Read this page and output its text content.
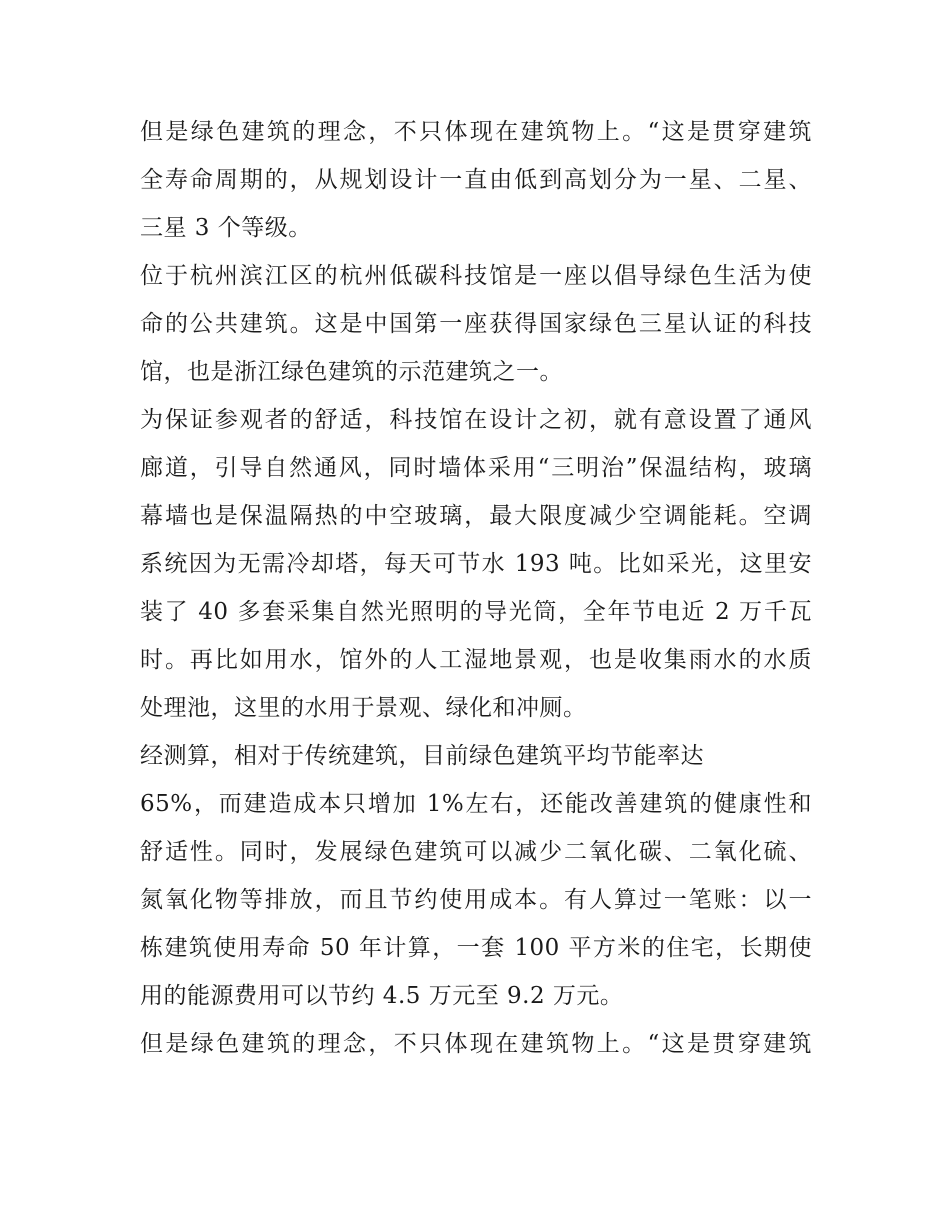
但是绿色建筑的理念，不只体现在建筑物上。“这是贯穿建筑
全寿命周期的，从规划设计一直由低到高划分为一星、二星、
三星 3 个等级。
位于杭州滨江区的杭州低碳科技馆是一座以倡导绿色生活为使
命的公共建筑。这是中国第一座获得国家绿色三星认证的科技
馆，也是浙江绿色建筑的示范建筑之一。
为保证参观者的舒适，科技馆在设计之初，就有意设置了通风
廊道，引导自然通风，同时墙体采用“三明治”保温结构，玻璃
幕墙也是保温隔热的中空玻璃，最大限度减少空调能耗。空调
系统因为无需冷却塔，每天可节水 193 吨。比如采光，这里安
装了 40 多套采集自然光照明的导光筒，全年节电近 2 万千瓦
时。再比如用水，馆外的人工湿地景观，也是收集雨水的水质
处理池，这里的水用于景观、绿化和冲厕。
经测算，相对于传统建筑，目前绿色建筑平均节能率达
65%，而建造成本只增加 1%左右，还能改善建筑的健康性和
舒适性。同时，发展绿色建筑可以减少二氧化碳、二氧化硫、
氮氧化物等排放，而且节约使用成本。有人算过一笔账：以一
栋建筑使用寿命 50 年计算，一套 100 平方米的住宅，长期使
用的能源费用可以节约 4.5 万元至 9.2 万元。
但是绿色建筑的理念，不只体现在建筑物上。“这是贯穿建筑
